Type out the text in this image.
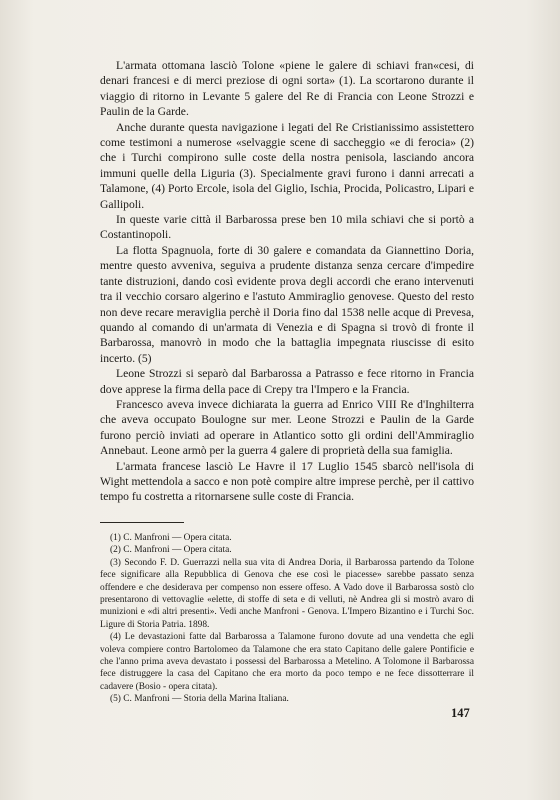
L'armata ottomana lasciò Tolone «piene le galere di schiavi fran«cesi, di denari francesi e di merci preziose di ogni sorta» (1). La scortarono durante il viaggio di ritorno in Levante 5 galere del Re di Francia con Leone Strozzi e Paulin de la Garde.

Anche durante questa navigazione i legati del Re Cristianissimo assistettero come testimoni a numerose «selvaggie scene di saccheggio «e di ferocia» (2) che i Turchi compirono sulle coste della nostra penisola, lasciando ancora immuni quelle della Liguria (3). Specialmente gravi furono i danni arrecati a Talamone, (4) Porto Ercole, isola del Giglio, Ischia, Procida, Policastro, Lipari e Gallipoli.

In queste varie città il Barbarossa prese ben 10 mila schiavi che si portò a Costantinopoli.

La flotta Spagnuola, forte di 30 galere e comandata da Giannettino Doria, mentre questo avveniva, seguiva a prudente distanza senza cercare d'impedire tante distruzioni, dando così evidente prova degli accordi che erano intervenuti tra il vecchio corsaro algerino e l'astuto Ammiraglio genovese. Questo del resto non deve recare meraviglia perchè il Doria fino dal 1538 nelle acque di Prevesa, quando al comando di un'armata di Venezia e di Spagna si trovò di fronte il Barbarossa, manovrò in modo che la battaglia impegnata riuscisse di esito incerto. (5)

Leone Strozzi si separò dal Barbarossa a Patrasso e fece ritorno in Francia dove apprese la firma della pace di Crepy tra l'Impero e la Francia.

Francesco aveva invece dichiarata la guerra ad Enrico VIII Re d'Inghilterra che aveva occupato Boulogne sur mer. Leone Strozzi e Paulin de la Garde furono perciò inviati ad operare in Atlantico sotto gli ordini dell'Ammiraglio Annebaut. Leone armò per la guerra 4 galere di proprietà della sua famiglia.

L'armata francese lasciò Le Havre il 17 Luglio 1545 sbarcò nell'isola di Wight mettendola a sacco e non potè compire altre imprese perchè, per il cattivo tempo fu costretta a ritornarsene sulle coste di Francia.

(1) C. Manfroni — Opera citata.

(2) C. Manfroni — Opera citata.

(3) Secondo F. D. Guerrazzi nella sua vita di Andrea Doria, il Barbarossa partendo da Tolone fece significare alla Repubblica di Genova che ese così le piacesse» sarebbe passato senza offendere e che desiderava per compenso non essere offeso. A Vado dove il Barbarossa sostò clo presentarono di vettovaglie «elette, di stoffe di seta e di velluti, nè Andrea gli si mostrò avaro di munizioni e «di altri presenti». Vedi anche Manfroni - Genova. L'Impero Bizantino e i Turchi Soc. Ligure di Storia Patria. 1898.

(4) Le devastazioni fatte dal Barbarossa a Talamone furono dovute ad una vendetta che egli voleva compiere contro Bartolomeo da Talamone che era stato Capitano delle galere Pontificie e che l'anno prima aveva devastato i possessi del Barbarossa a Metelino. A Tolomone il Barbarossa fece distruggere la casa del Capitano che era morto da poco tempo e ne fece dissotterrare il cadavere (Bosio - opera citata).

(5) C. Manfroni — Storia della Marina Italiana.

147
